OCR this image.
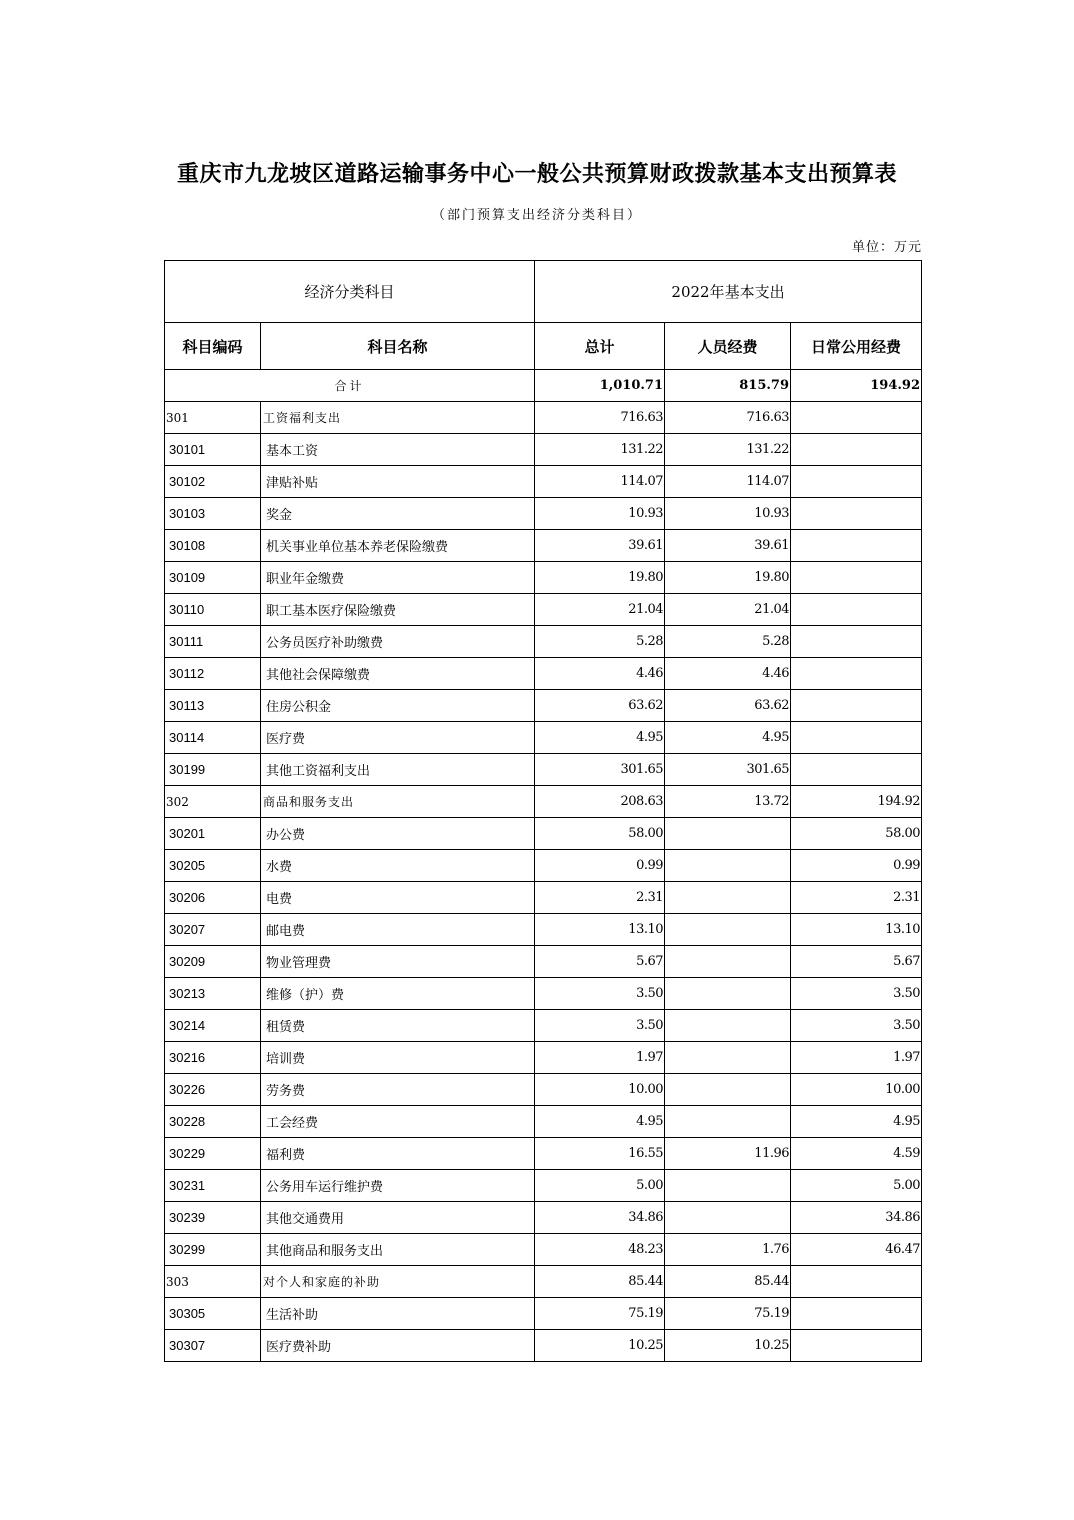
重庆市九龙坡区道路运输事务中心一般公共预算财政拨款基本支出预算表
（部门预算支出经济分类科目）
单位：万元
经济分类科目		2022年基本支出		
科目编码	科目名称	总计	人员经费	日常公用经费
合计		1,010.71	815.79	194.92
301	工资福利支出	716.63	716.63	
30101	基本工资	131.22	131.22	
30102	津贴补贴	114.07	114.07	
30103	奖金	10.93	10.93	
30108	机关事业单位基本养老保险缴费	39.61	39.61	
30109	职业年金缴费	19.80	19.80	
30110	职工基本医疗保险缴费	21.04	21.04	
30111	公务员医疗补助缴费	5.28	5.28	
30112	其他社会保障缴费	4.46	4.46	
30113	住房公积金	63.62	63.62	
30114	医疗费	4.95	4.95	
30199	其他工资福利支出	301.65	301.65	
302	商品和服务支出	208.63	13.72	194.92
30201	办公费	58.00		58.00
30205	水费	0.99		0.99
30206	电费	2.31		2.31
30207	邮电费	13.10		13.10
30209	物业管理费	5.67		5.67
30213	维修（护）费	3.50		3.50
30214	租赁费	3.50		3.50
30216	培训费	1.97		1.97
30226	劳务费	10.00		10.00
30228	工会经费	4.95		4.95
30229	福利费	16.55	11.96	4.59
30231	公务用车运行维护费	5.00		5.00
30239	其他交通费用	34.86		34.86
30299	其他商品和服务支出	48.23	1.76	46.47
303	对个人和家庭的补助	85.44	85.44	
30305	生活补助	75.19	75.19	
30307	医疗费补助	10.25	10.25	
